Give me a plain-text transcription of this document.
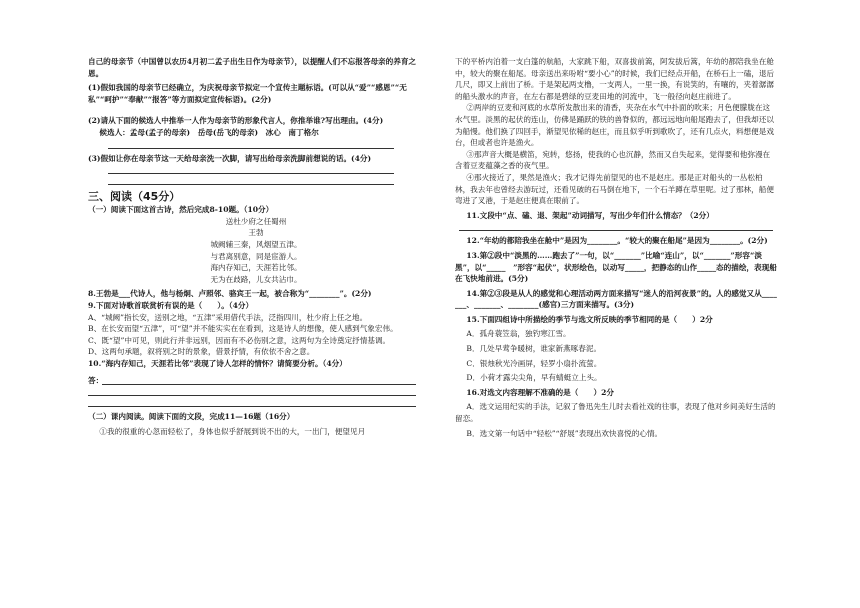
自己的母亲节（中国曾以农历4月初二孟子出生日作为母亲节），以提醒人们不忘报答母亲的养育之恩。

(1)假如我国的母亲节已经确立，为庆祝母亲节拟定一个宣传主题标语。(可以从“爱”“感恩”“无私”“呵护”“奉献”“报答”等方面拟定宣传标语)。(2分)

(2)请从下面的候选人中推举一人作为母亲节的形象代言人，你推举谁?写出理由。(4分)

候选人：孟母(孟子的母亲)　岳母(岳飞的母亲)　冰心　南丁格尔

(3)假如让你在母亲节这一天给母亲洗一次脚，请写出给母亲洗脚前想说的话。(4分)

三、阅读（45分）

（一）阅读下面这首古诗，然后完成8-10题。（10分）

送杜少府之任蜀州

王勃

城阙辅三秦，风烟望五津。

与君离别意，同是宦游人。

海内存知己，天涯若比邻。

无为在歧路，儿女共沾巾。

8.王勃是___代诗人，他与杨炯、卢照邻、骆宾王一起，被合称为“________”。(2分)

9.下面对诗歌首联赏析有误的是（　　）。（4分）

A、“城阙”指长安，送别之地，“五津”采用借代手法，泛指四川，杜少府上任之地。

B、在长安而望“五津”，可“望”并不能实实在在看到，这是诗人的想像，使人感到气象宏伟。

C、既“望”中可见，则此行并非远别，因而有不必伤别之意，这两句为全诗奠定抒情基调。

D、这两句承题，叙将别之时的景象，借景抒情，有依依不舍之意。

10.“海内存知己，天涯若比邻”表现了诗人怎样的情怀？请简要分析。（4分）

答：

（二）课内阅读。阅读下面的文段，完成11—16题（16分）

①我的很重的心忽而轻松了，身体也似乎舒展到说不出的大，一出门，便望见月

下的平桥内泊着一支白篷的航船，大家跳下船，双喜拔前篙，阿发拔后篙，年幼的都陪我坐在舱中，较大的聚在船尾。母亲送出来吩咐“要小心”的时候，我们已经点开船，在桥石上一磕，退后几尺，即又上前出了桥。于是架起两支橹，一支两人，一里一换，有说笑的，有嚷的，夹着潺潺的船头激水的声音，在左右都是碧绿的豆麦田地的河流中，飞一般径向赵庄前进了。

②两岸的豆麦和河底的水草所发散出来的清香，夹杂在水气中扑面的吹来；月色便朦胧在这水气里。淡黑的起伏的连山，仿佛是踊跃的铁的兽脊似的，都远远地向船尾跑去了，但我却还以为船慢。他们换了四回手，渐望见依稀的赵庄，而且似乎听到歌吹了，还有几点火，料想便是戏台，但或者也许是渔火。

③那声音大概是横笛，宛转，悠扬，使我的心也沉静，然而又自失起来，觉得要和他弥漫在含着豆麦蕴藻之香的夜气里。

④那火接近了，果然是渔火；我才记得先前望见的也不是赵庄。那是正对船头的一丛松柏林，我去年也曾经去游玩过，还看见破的石马倒在地下，一个石羊蹲在草里呢。过了那林，船便弯进了叉港，于是赵庄便真在眼前了。

11.文段中“点、磕、退、架起”动词描写，写出少年们什么情态？（2分）

12.“年幼的都陪我坐在舱中”是因为________。“较大的聚在船尾”是因为________。(2分)

13.第②段中“淡黑的……跑去了”一句，以“_______”比喻“连山”，以“_______”形容“淡黑”，以“_____　”形容“起伏”，状形绘色，以动写_____，把静态的山作_____态的描绘，表现船在飞快地前进。(5分)

14.第②③段是从人的感觉和心理活动两方面来描写“迷人的沿河夜景”的。人的感觉又从_______、_______、________(感官)三方面来描写。(3分)

15.下面四组诗中所描绘的季节与选文所反映的季节相同的是（　　）2分

A．孤舟蓑笠翁，独钓寒江雪。

B．几处早莺争暖树，谁家新燕啄春泥。

C．银烛秋光冷画屏，轻罗小扇扑流萤。

D．小荷才露尖尖角，早有蜻蜓立上头。

16.对选文内容理解不准确的是（　　）2分

A．选文运用纪实的手法，记叙了鲁迅先生儿时去看社戏的往事，表现了他对乡间美好生活的留恋。

B．选文第一句话中“轻松”“舒展”表现出欢快喜悦的心情。
